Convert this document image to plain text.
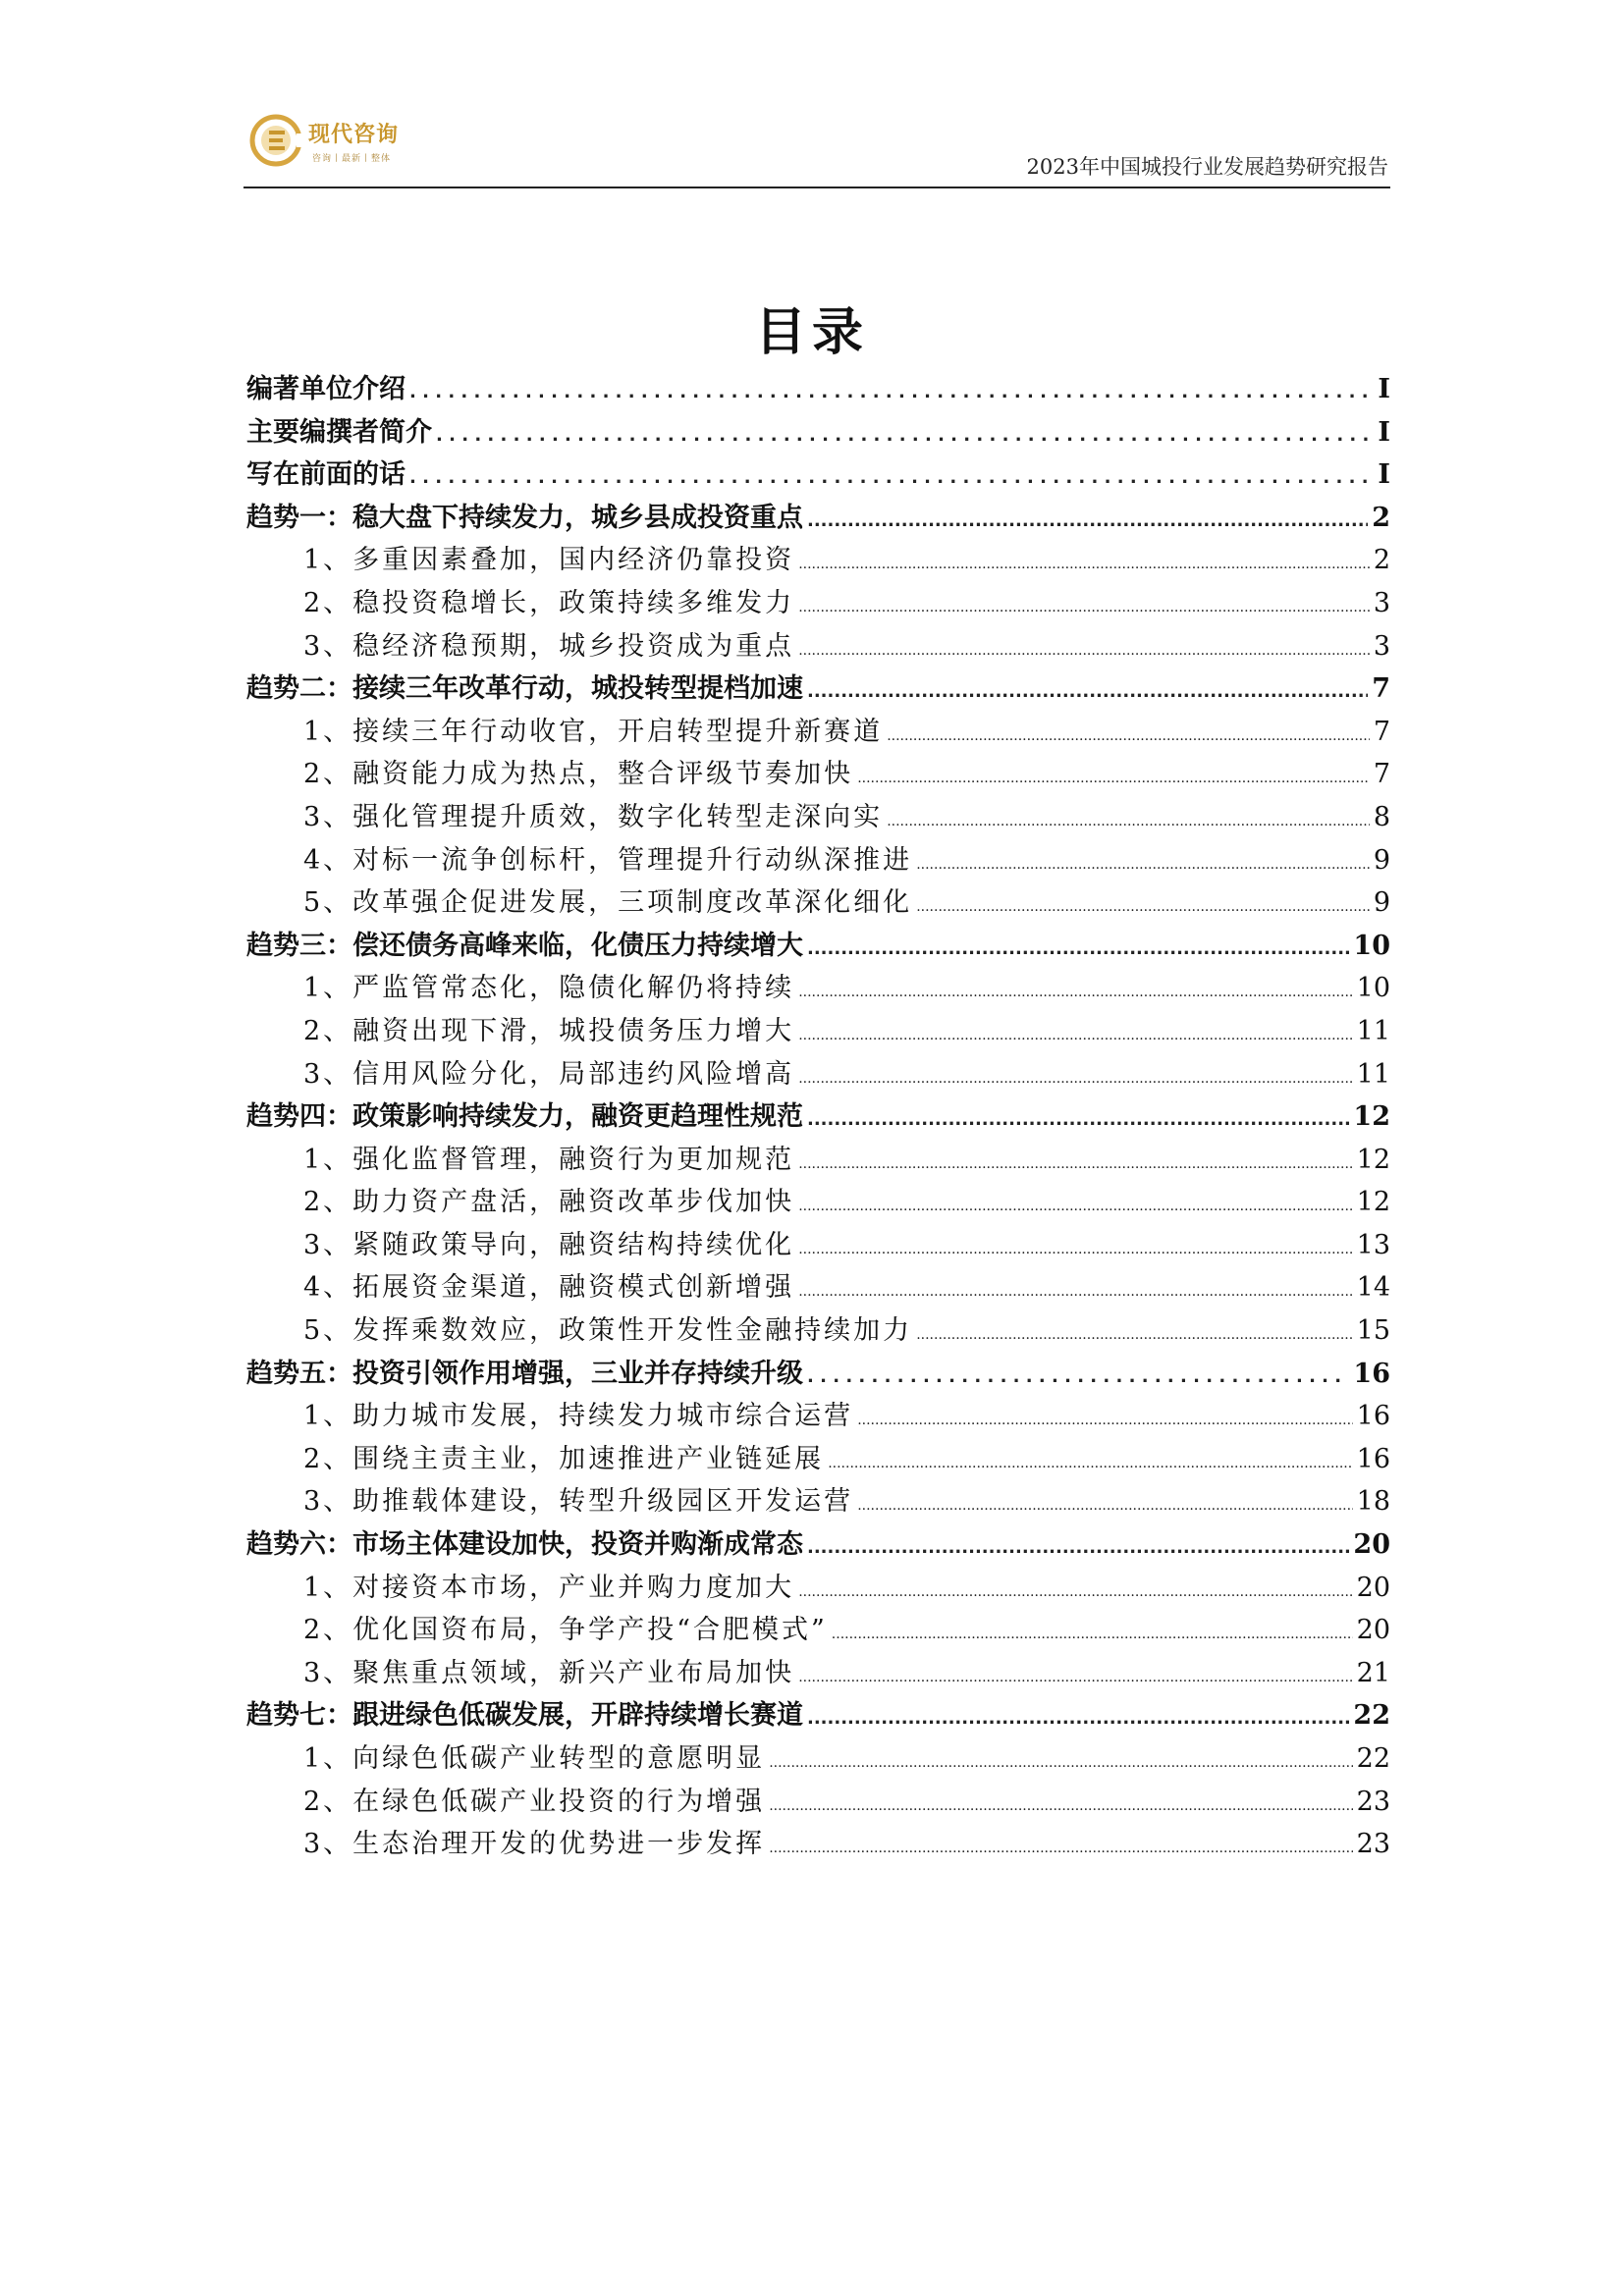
现代咨询
咨询丨最新丨整体	2023年中国城投行业发展趋势研究报告
目录
编著单位介绍 . . .	I
主要编撰者简介 . . .	I
写在前面的话 . . .	I
趋势一：稳大盘下持续发力，城乡县成投资重点 .....	2
1、多重因素叠加，国内经济仍靠投资 .....	2
2、稳投资稳增长，政策持续多维发力 .....	3
3、稳经济稳预期，城乡投资成为重点 .....	3
趋势二：接续三年改革行动，城投转型提档加速 .....	7
1、接续三年行动收官，开启转型提升新赛道 .....	7
2、融资能力成为热点，整合评级节奏加快 .....	7
3、强化管理提升质效，数字化转型走深向实 .....	8
4、对标一流争创标杆，管理提升行动纵深推进 .....	9
5、改革强企促进发展，三项制度改革深化细化 .....	9
趋势三：偿还债务高峰来临，化债压力持续增大 .....	10
1、严监管常态化，隐债化解仍将持续 .....	10
2、融资出现下滑，城投债务压力增大 .....	11
3、信用风险分化，局部违约风险增高 .....	11
趋势四：政策影响持续发力，融资更趋理性规范 .....	12
1、强化监督管理，融资行为更加规范 .....	12
2、助力资产盘活，融资改革步伐加快 .....	12
3、紧随政策导向，融资结构持续优化 .....	13
4、拓展资金渠道，融资模式创新增强 .....	14
5、发挥乘数效应，政策性开发性金融持续加力 .....	15
趋势五：投资引领作用增强，三业并存持续升级 . . .	16
1、助力城市发展，持续发力城市综合运营 .....	16
2、围绕主责主业，加速推进产业链延展 .....	16
3、助推载体建设，转型升级园区开发运营 .....	18
趋势六：市场主体建设加快，投资并购渐成常态 .....	20
1、对接资本市场，产业并购力度加大 .....	20
2、优化国资布局，争学产投“合肥模式” .....	20
3、聚焦重点领域，新兴产业布局加快 .....	21
趋势七：跟进绿色低碳发展，开辟持续增长赛道 .....	22
1、向绿色低碳产业转型的意愿明显 .....	22
2、在绿色低碳产业投资的行为增强 .....	23
3、生态治理开发的优势进一步发挥 .....	23
